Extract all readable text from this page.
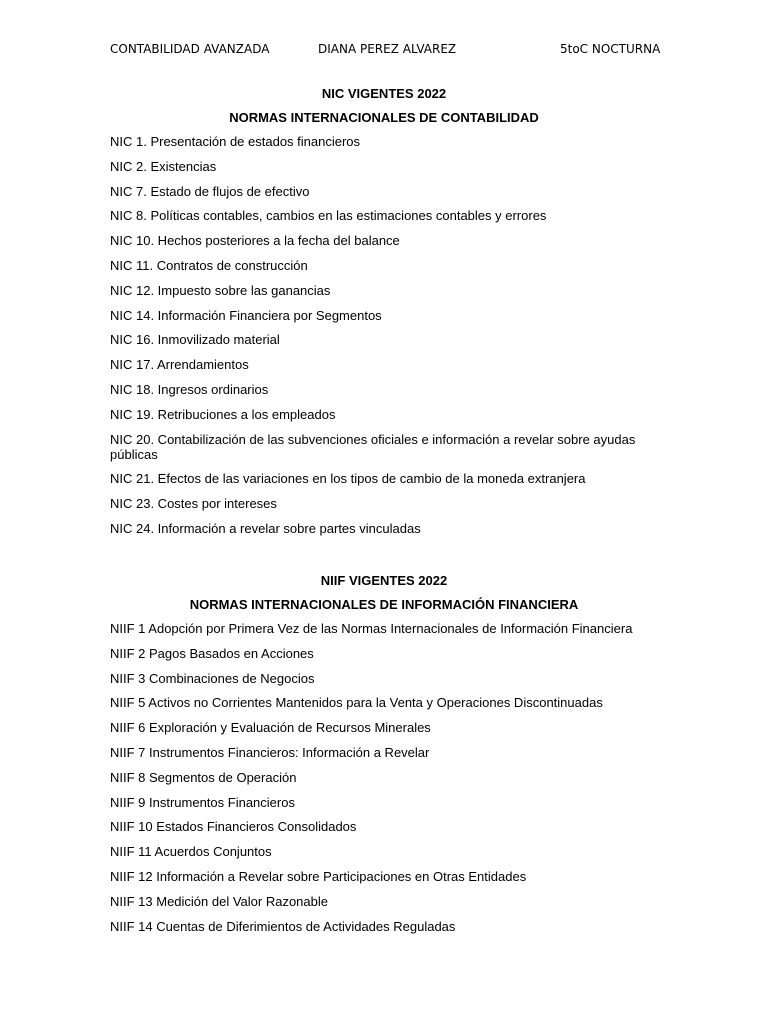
CONTABILIDAD AVANZADA	DIANA PEREZ ALVAREZ	5toC NOCTURNA
NIC VIGENTES 2022
NORMAS INTERNACIONALES DE CONTABILIDAD
NIC 1. Presentación de estados financieros
NIC 2. Existencias
NIC 7. Estado de flujos de efectivo
NIC 8. Políticas contables, cambios en las estimaciones contables y errores
NIC 10. Hechos posteriores a la fecha del balance
NIC 11. Contratos de construcción
NIC 12. Impuesto sobre las ganancias
NIC 14. Información Financiera por Segmentos
NIC 16. Inmovilizado material
NIC 17. Arrendamientos
NIC 18. Ingresos ordinarios
NIC 19. Retribuciones a los empleados
NIC 20. Contabilización de las subvenciones oficiales e información a revelar sobre ayudas públicas
NIC 21. Efectos de las variaciones en los tipos de cambio de la moneda extranjera
NIC 23. Costes por intereses
NIC 24. Información a revelar sobre partes vinculadas
NIIF VIGENTES 2022
NORMAS INTERNACIONALES DE INFORMACIÓN FINANCIERA
NIIF 1 Adopción por Primera Vez de las Normas Internacionales de Información Financiera
NIIF 2 Pagos Basados en Acciones
NIIF 3 Combinaciones de Negocios
NIIF 5 Activos no Corrientes Mantenidos para la Venta y Operaciones Discontinuadas
NIIF 6 Exploración y Evaluación de Recursos Minerales
NIIF 7 Instrumentos Financieros: Información a Revelar
NIIF 8 Segmentos de Operación
NIIF 9 Instrumentos Financieros
NIIF 10 Estados Financieros Consolidados
NIIF 11 Acuerdos Conjuntos
NIIF 12 Información a Revelar sobre Participaciones en Otras Entidades
NIIF 13 Medición del Valor Razonable
NIIF 14 Cuentas de Diferimientos de Actividades Reguladas
